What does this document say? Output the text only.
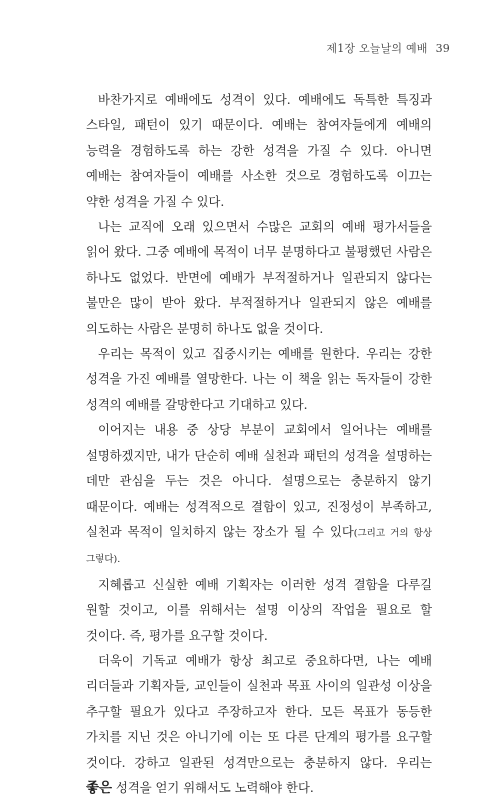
제1장 오늘날의 예배 39

바찬가지로 예배에도 성격이 있다. 예배에도 독특한 특징과 스타일, 패턴이 있기 때문이다. 예배는 참여자들에게 예배의 능력을 경험하도록 하는 강한 성격을 가질 수 있다. 아니면 예배는 참여자들이 예배를 사소한 것으로 경험하도록 이끄는 약한 성격을 가질 수 있다.

나는 교직에 오래 있으면서 수많은 교회의 예배 평가서들을 읽어 왔다. 그중 예배에 목적이 너무 분명하다고 불평했던 사람은 하나도 없었다. 반면에 예배가 부적절하거나 일관되지 않다는 불만은 많이 받아 왔다. 부적절하거나 일관되지 않은 예배를 의도하는 사람은 분명히 하나도 없을 것이다.

우리는 목적이 있고 집중시키는 예배를 원한다. 우리는 강한 성격을 가진 예배를 열망한다. 나는 이 책을 읽는 독자들이 강한 성격의 예배를 갈망한다고 기대하고 있다.

이어지는 내용 중 상당 부분이 교회에서 일어나는 예배를 설명하겠지만, 내가 단순히 예배 실천과 패턴의 성격을 설명하는 데만 관심을 두는 것은 아니다. 설명으로는 충분하지 않기 때문이다. 예배는 성격적으로 결함이 있고, 진정성이 부족하고, 실천과 목적이 일치하지 않는 장소가 될 수 있다(그리고 거의 항상 그렇다).

지혜롭고 신실한 예배 기획자는 이러한 성격 결함을 다루길 원할 것이고, 이를 위해서는 설명 이상의 작업을 필요로 할 것이다. 즉, 평가를 요구할 것이다.

더욱이 기독교 예배가 항상 최고로 중요하다면, 나는 예배 리더들과 기획자들, 교인들이 실천과 목표 사이의 일관성 이상을 추구할 필요가 있다고 주장하고자 한다. 모든 목표가 동등한 가치를 지닌 것은 아니기에 이는 또 다른 단계의 평가를 요구할 것이다. 강하고 일관된 성격만으로는 충분하지 않다. 우리는 좋은 성격을 얻기 위해서도 노력해야 한다.
